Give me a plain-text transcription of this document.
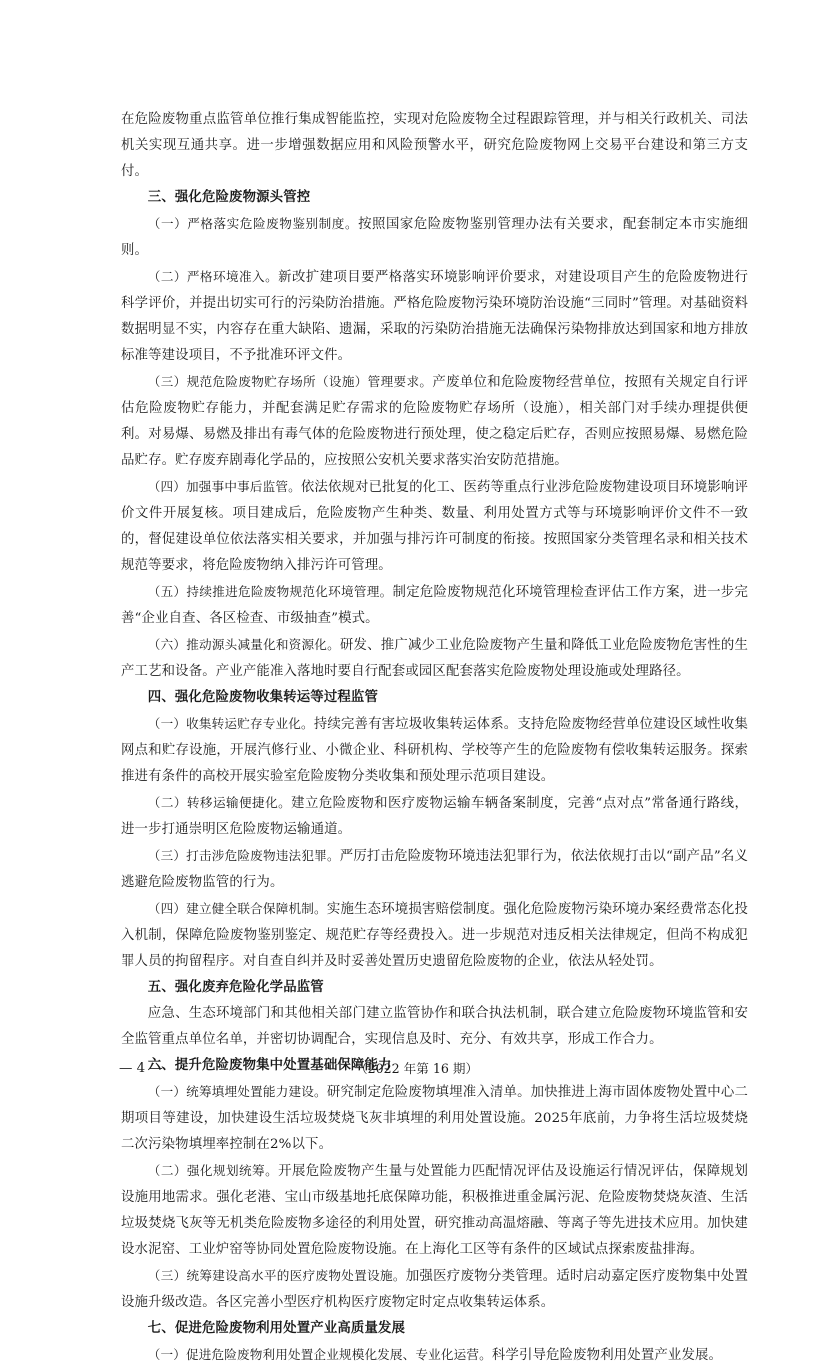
在危险废物重点监管单位推行集成智能监控，实现对危险废物全过程跟踪管理，并与相关行政机关、司法机关实现互通共享。进一步增强数据应用和风险预警水平，研究危险废物网上交易平台建设和第三方支付。

三、强化危险废物源头管控

（一）严格落实危险废物鉴别制度。按照国家危险废物鉴别管理办法有关要求，配套制定本市实施细则。

（二）严格环境准入。新改扩建项目要严格落实环境影响评价要求，对建设项目产生的危险废物进行科学评价，并提出切实可行的污染防治措施。严格危险废物污染环境防治设施“三同时”管理。对基础资料数据明显不实，内容存在重大缺陷、遗漏，采取的污染防治措施无法确保污染物排放达到国家和地方排放标准等建设项目，不予批准环评文件。

（三）规范危险废物贮存场所（设施）管理要求。产废单位和危险废物经营单位，按照有关规定自行评估危险废物贮存能力，并配套满足贮存需求的危险废物贮存场所（设施），相关部门对手续办理提供便利。对易爆、易燃及排出有毒气体的危险废物进行预处理，使之稳定后贮存，否则应按照易爆、易燃危险品贮存。贮存废弃剧毒化学品的，应按照公安机关要求落实治安防范措施。

（四）加强事中事后监管。依法依规对已批复的化工、医药等重点行业涉危险废物建设项目环境影响评价文件开展复核。项目建成后，危险废物产生种类、数量、利用处置方式等与环境影响评价文件不一致的，督促建设单位依法落实相关要求，并加强与排污许可制度的衔接。按照国家分类管理名录和相关技术规范等要求，将危险废物纳入排污许可管理。

（五）持续推进危险废物规范化环境管理。制定危险废物规范化环境管理检查评估工作方案，进一步完善“企业自查、各区检查、市级抽查”模式。

（六）推动源头减量化和资源化。研发、推广减少工业危险废物产生量和降低工业危险废物危害性的生产工艺和设备。产业产能准入落地时要自行配套或园区配套落实危险废物处理设施或处理路径。

四、强化危险废物收集转运等过程监管

（一）收集转运贮存专业化。持续完善有害垃圾收集转运体系。支持危险废物经营单位建设区域性收集网点和贮存设施，开展汽修行业、小微企业、科研机构、学校等产生的危险废物有偿收集转运服务。探索推进有条件的高校开展实验室危险废物分类收集和预处理示范项目建设。

（二）转移运输便捷化。建立危险废物和医疗废物运输车辆备案制度，完善“点对点”常备通行路线，进一步打通崇明区危险废物运输通道。

（三）打击涉危险废物违法犯罪。严厉打击危险废物环境违法犯罪行为，依法依规打击以“副产品”名义逃避危险废物监管的行为。

（四）建立健全联合保障机制。实施生态环境损害赔偿制度。强化危险废物污染环境办案经费常态化投入机制，保障危险废物鉴别鉴定、规范贮存等经费投入。进一步规范对违反相关法律规定，但尚不构成犯罪人员的拘留程序。对自查自纠并及时妥善处置历史遗留危险废物的企业，依法从轻处罚。

五、强化废弃危险化学品监管

应急、生态环境部门和其他相关部门建立监管协作和联合执法机制，联合建立危险废物环境监管和安全监管重点单位名单，并密切协调配合，实现信息及时、充分、有效共享，形成工作合力。

六、提升危险废物集中处置基础保障能力

（一）统筹填埋处置能力建设。研究制定危险废物填埋准入清单。加快推进上海市固体废物处置中心二期项目等建设，加快建设生活垃圾焚烧飞灰非填埋的利用处置设施。2025年底前，力争将生活垃圾焚烧二次污染物填埋率控制在2%以下。

（二）强化规划统筹。开展危险废物产生量与处置能力匹配情况评估及设施运行情况评估，保障规划设施用地需求。强化老港、宝山市级基地托底保障功能，积极推进重金属污泥、危险废物焚烧灰渣、生活垃圾焚烧飞灰等无机类危险废物多途径的利用处置，研究推动高温熔融、等离子等先进技术应用。加快建设水泥窑、工业炉窑等协同处置危险废物设施。在上海化工区等有条件的区域试点探索废盐排海。

（三）统筹建设高水平的医疗废物处置设施。加强医疗废物分类管理。适时启动嘉定医疗废物集中处置设施升级改造。各区完善小型医疗机构医疗废物定时定点收集转运体系。

七、促进危险废物利用处置产业高质量发展

（一）促进危险废物利用处置企业规模化发展、专业化运营。科学引导危险废物利用处置产业发展。

— 4 —	（2022 年第 16 期）
